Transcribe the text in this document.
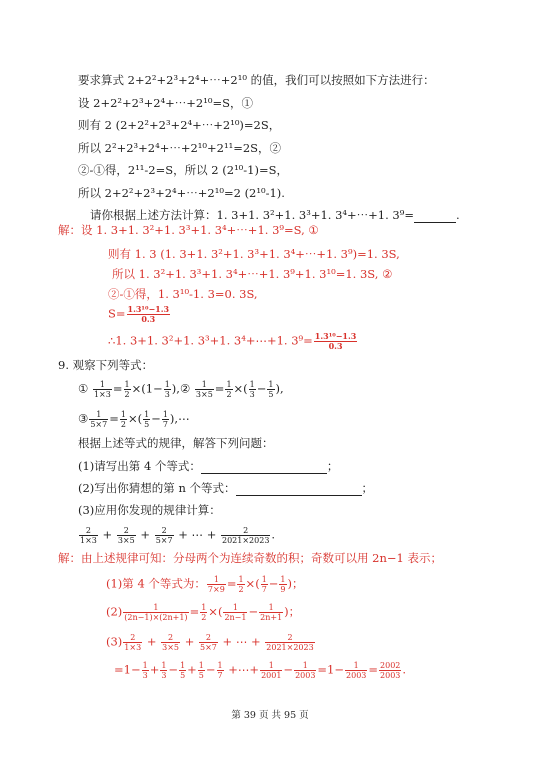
要求算式 2+2²+2³+2⁴+⋯+2¹⁰ 的值，我们可以按照如下方法进行：
设 2+2²+2³+2⁴+⋯+2¹⁰=S，①
则有 2 (2+2²+2³+2⁴+⋯+2¹⁰)=2S，
所以 2²+2³+2⁴+⋯+2¹⁰+2¹¹=2S，②
②-①得，2¹¹-2=S，所以 2 (2¹⁰-1)=S，
所以 2+2²+2³+2⁴+⋯+2¹⁰=2 (2¹⁰-1).
请你根据上述方法计算：1. 3+1. 3²+1. 3³+1. 3⁴+⋯+1. 3⁹=	.
解：设 1. 3+1. 3²+1. 3³+1. 3⁴+⋯+1. 3⁹=S, ①
则有 1. 3 (1. 3+1. 3²+1. 3³+1. 3⁴+⋯+1. 3⁹)=1. 3S,
所以 1. 3²+1. 3³+1. 3⁴+⋯+1. 3⁹+1. 3¹⁰=1. 3S, ②
②-①得，1. 3¹⁰-1. 3=0. 3S,
$S= \frac{\text{1.3¹⁰−1.3}}{0.3}$
∴1. 3+1. 3²+1. 3³+1. 3⁴+⋯+1. $3^9= \frac{\text{1.3¹⁰−1.3}}{0.3}$
9. 观察下列等式：
① $\frac{1}{1\times 3} = \frac{1}{2} \times(1- \frac{1}{3}$ ),② $\frac{1}{3\times 5} = \frac{1}{2}$ ×( $\frac{1}{3} - \frac{1}{5}$ ),
③ $\frac{1}{5\times 7} = \frac{1}{2}$ ×( $\frac{1}{5} - \frac{1}{7}$ ),⋯
根据上述等式的规律，解答下列问题：
(1)请写出第 4 个等式：	；
(2)写出你猜想的第 n 个等式：	；
(3)应用你发现的规律计算：
$\frac{2}{1\times 3} + \frac{2}{3\times 5} + \frac{2}{5\times 7}$ + ⋯ + $\frac{2}{2021\times 2023}$ .
解：由上述规律可知：分母两个为连续奇数的积；奇数可以用 2n−1 表示；
(1)第 4 个等式为： $\frac{1}{7\times 9} = \frac{1}{2}$ ×( $\frac{1}{7} - \frac{1}{9}$ )；
$(2) \frac{1}{(2n-1)\times(2n+1)} = \frac{1}{2}$ ×( $\frac{1}{2n-1} - \frac{1}{2n+1}$ )；
$(3) \frac{2}{1\times 3} + \frac{2}{3\times 5} + \frac{2}{5\times 7}$ + ⋯ + $\frac{2}{2021\times 2023}$
$=1- \frac{1}{3} + \frac{1}{3} - \frac{1}{5} + \frac{1}{5} - \frac{1}{7}$ +⋯+ $\frac{1}{2001} - \frac{1}{2003} =1- \frac{1}{2003} = \frac{2002}{2003}$ .
第 39 页 共 95 页
